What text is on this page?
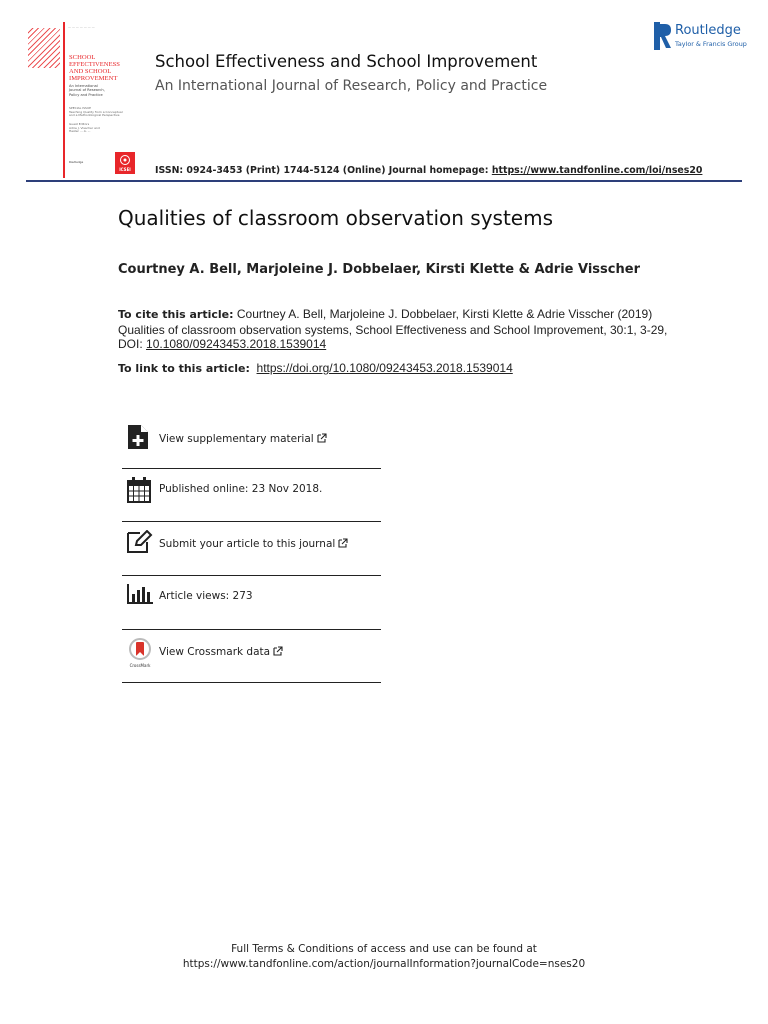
— — — — — — —
SCHOOL
EFFECTIVENESS
AND SCHOOL
IMPROVEMENT
An International
Journal of Research,
Policy and Practice
SPECIAL ISSUE
Teaching Quality from a Conceptual
and a Methodological Perspective
Guest Editors
Adrie J. Visscher and
Hester ... A. ...
Routledge
ICSEI
School Effectiveness and School Improvement
An International Journal of Research, Policy and Practice
ISSN: 0924-3453 (Print) 1744-5124 (Online) Journal homepage: https://www.tandfonline.com/loi/nses20
Routledge
Taylor & Francis Group
Qualities of classroom observation systems
Courtney A. Bell, Marjoleine J. Dobbelaer, Kirsti Klette & Adrie Visscher
To cite this article: Courtney A. Bell, Marjoleine J. Dobbelaer, Kirsti Klette & Adrie Visscher (2019) Qualities of classroom observation systems, School Effectiveness and School Improvement, 30:1, 3-29, DOI: 10.1080/09243453.2018.1539014
To link to this article: https://doi.org/10.1080/09243453.2018.1539014
View supplementary material
Published online: 23 Nov 2018.
Submit your article to this journal
Article views: 273
CrossMark
View Crossmark data
Full Terms & Conditions of access and use can be found at
https://www.tandfonline.com/action/journalInformation?journalCode=nses20
